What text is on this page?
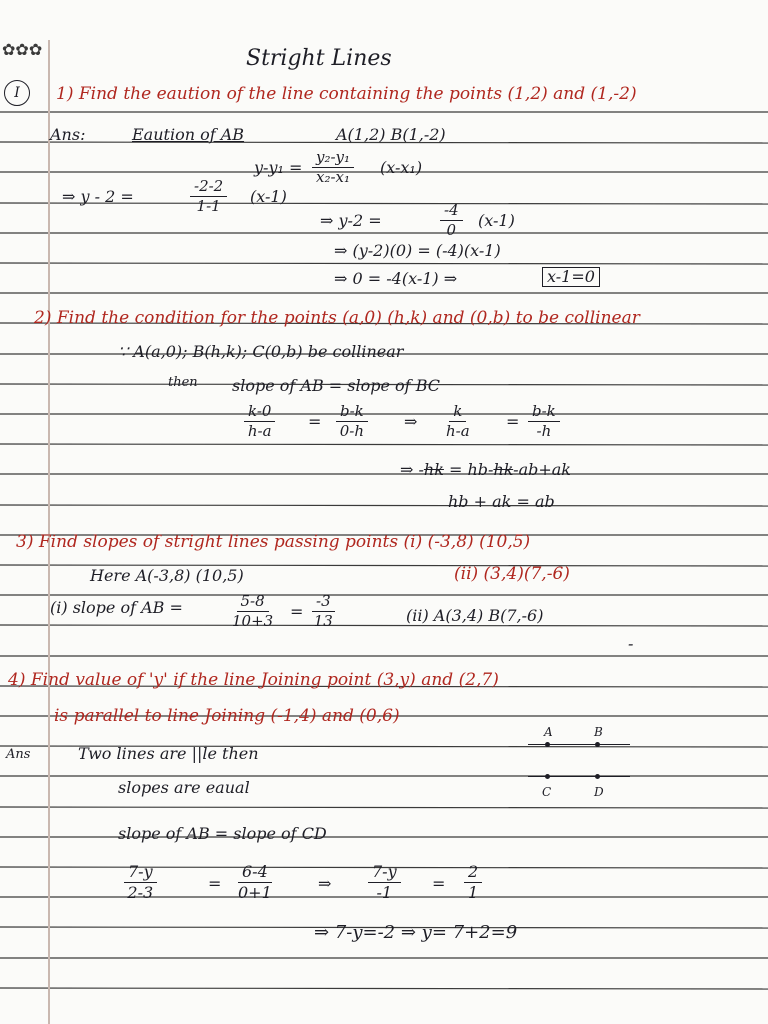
✿✿✿
I
Stright Lines
1) Find the eaution of the line containing the points (1,2) and (1,-2)
Ans:	Eaution of AB	A(1,2) B(1,-2)
$y-y_1 = \frac{\text{y₂-y₁}}{\text{x₂-x₁}} (x-x_1)$
⇒ y - 2 =	$\frac{-2-2}{1-1} (x-1)$
⇒ y-2 =	$\frac{-4}{0} (x-1)$
⇒ (y-2)(0) = (-4)(x-1)
⇒ 0 = -4(x-1) ⇒	x-1=0
2) Find the condition for the points (a,0) (h,k) and (0,b) to be collinear
∵ A(a,0); B(h,k); C(0,b) be collinear
then slope of AB = slope of BC
$\frac{k-0}{h-a} = \frac{b-k}{0-h}$ ⇒ $\frac{k}{h-a} = \frac{b-k}{-h}$
⇒ -hk = hb-hk-ab+ak
hb + ak = ab
3) Find slopes of stright lines passing points (i) (-3,8) (10,5)
(ii) (3,4)(7,-6)
Here A(-3,8) (10,5)
(i) slope of AB =	$\frac{5-8}{10+3} = \frac{-3}{13}$	(ii) A(3,4) B(7,-6)
-
4) Find value of 'y' if the line Joining point (3,y) and (2,7)
is parallel to line Joining (-1,4) and (0,6)
Ans	Two lines are ||le then
slopes are eaual
A	B
C	D
slope of AB = slope of CD
$\frac{7-y}{2-3}$	= $\frac{6-4}{0+1}$	⇒ $\frac{7-y}{-1} = \frac{2}{1}$
⇒ 7-y=-2 ⇒ y= 7+2=9
